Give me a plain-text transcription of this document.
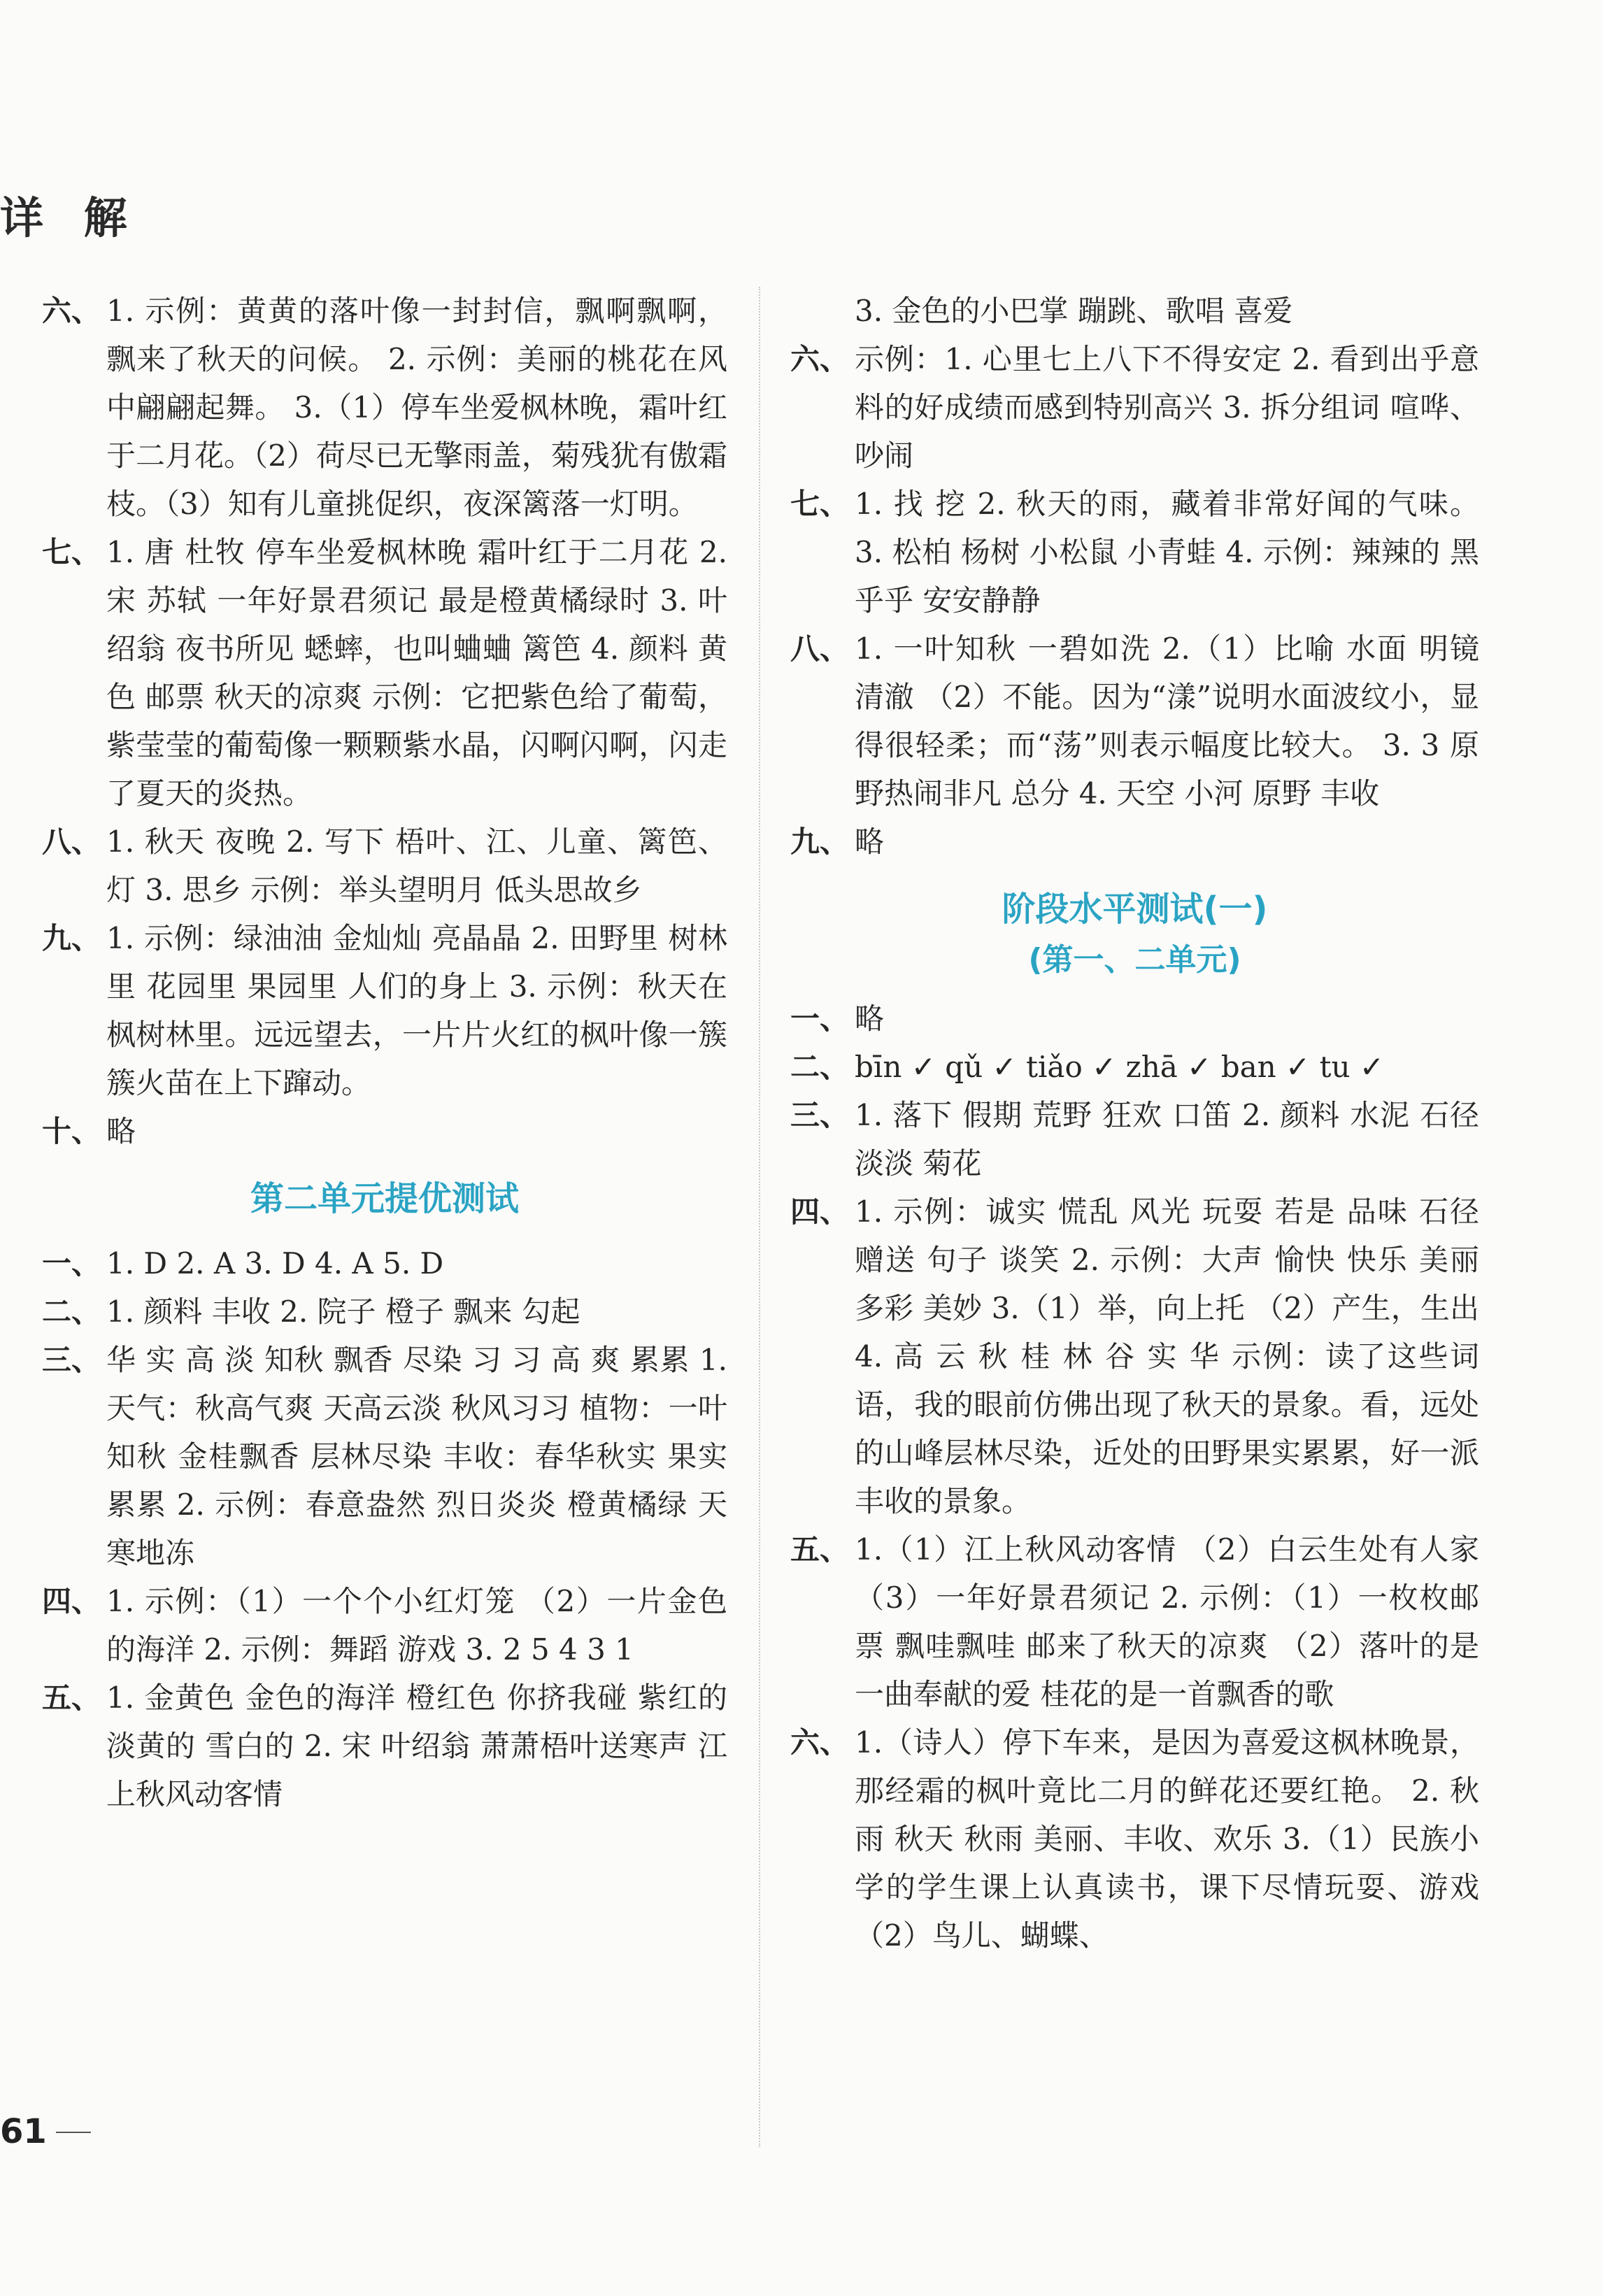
详 解

六、 1. 示例：黄黄的落叶像一封封信，飘啊飘啊，飘来了秋天的问候。 2. 示例：美丽的桃花在风中翩翩起舞。 3.（1）停车坐爱枫林晚，霜叶红于二月花。（2）荷尽已无擎雨盖，菊残犹有傲霜枝。（3）知有儿童挑促织，夜深篱落一灯明。

七、 1. 唐 杜牧 停车坐爱枫林晚 霜叶红于二月花 2. 宋 苏轼 一年好景君须记 最是橙黄橘绿时 3. 叶绍翁 夜书所见 蟋蟀，也叫蛐蛐 篱笆 4. 颜料 黄色 邮票 秋天的凉爽 示例：它把紫色给了葡萄，紫莹莹的葡萄像一颗颗紫水晶，闪啊闪啊，闪走了夏天的炎热。

八、 1. 秋天 夜晚 2. 写下 梧叶、江、儿童、篱笆、灯 3. 思乡 示例：举头望明月 低头思故乡

九、 1. 示例：绿油油 金灿灿 亮晶晶 2. 田野里 树林里 花园里 果园里 人们的身上 3. 示例：秋天在枫树林里。远远望去，一片片火红的枫叶像一簇簇火苗在上下蹿动。

十、 略

第二单元提优测试

一、 1. D 2. A 3. D 4. A 5. D

二、 1. 颜料 丰收 2. 院子 橙子 飘来 勾起

三、 华 实 高 淡 知秋 飘香 尽染 习 习 高 爽 累累 1. 天气：秋高气爽 天高云淡 秋风习习 植物：一叶知秋 金桂飘香 层林尽染 丰收：春华秋实 果实累累 2. 示例：春意盎然 烈日炎炎 橙黄橘绿 天寒地冻

四、 1. 示例：（1）一个个小红灯笼 （2）一片金色的海洋 2. 示例：舞蹈 游戏 3. 2 5 4 3 1

五、 1. 金黄色 金色的海洋 橙红色 你挤我碰 紫红的 淡黄的 雪白的 2. 宋 叶绍翁 萧萧梧叶送寒声 江上秋风动客情

3. 金色的小巴掌 蹦跳、歌唱 喜爱

六、 示例：1. 心里七上八下不得安定 2. 看到出乎意料的好成绩而感到特别高兴 3. 拆分组词 喧哗、吵闹

七、 1. 找 挖 2. 秋天的雨，藏着非常好闻的气味。 3. 松柏 杨树 小松鼠 小青蛙 4. 示例：辣辣的 黑乎乎 安安静静

八、 1. 一叶知秋 一碧如洗 2.（1）比喻 水面 明镜 清澈 （2）不能。因为“漾”说明水面波纹小，显得很轻柔；而“荡”则表示幅度比较大。 3. 3 原野热闹非凡 总分 4. 天空 小河 原野 丰收

九、 略

阶段水平测试(一)
(第一、二单元)

一、 略

二、 bīn ✓ qǔ ✓ tiǎo ✓ zhā ✓ ban ✓ tu ✓

三、 1. 落下 假期 荒野 狂欢 口笛 2. 颜料 水泥 石径 淡淡 菊花

四、 1. 示例：诚实 慌乱 风光 玩耍 若是 品味 石径 赠送 句子 谈笑 2. 示例：大声 愉快 快乐 美丽 多彩 美妙 3.（1）举，向上托 （2）产生，生出 4. 高 云 秋 桂 林 谷 实 华 示例：读了这些词语，我的眼前仿佛出现了秋天的景象。看，远处的山峰层林尽染，近处的田野果实累累，好一派丰收的景象。

五、 1.（1）江上秋风动客情 （2）白云生处有人家 （3）一年好景君须记 2. 示例：（1）一枚枚邮票 飘哇飘哇 邮来了秋天的凉爽 （2）落叶的是一曲奉献的爱 桂花的是一首飘香的歌

六、 1.（诗人）停下车来，是因为喜爱这枫林晚景，那经霜的枫叶竟比二月的鲜花还要红艳。 2. 秋雨 秋天 秋雨 美丽、丰收、欢乐 3.（1）民族小学的学生课上认真读书，课下尽情玩耍、游戏 （2）鸟儿、蝴蝶、

61
